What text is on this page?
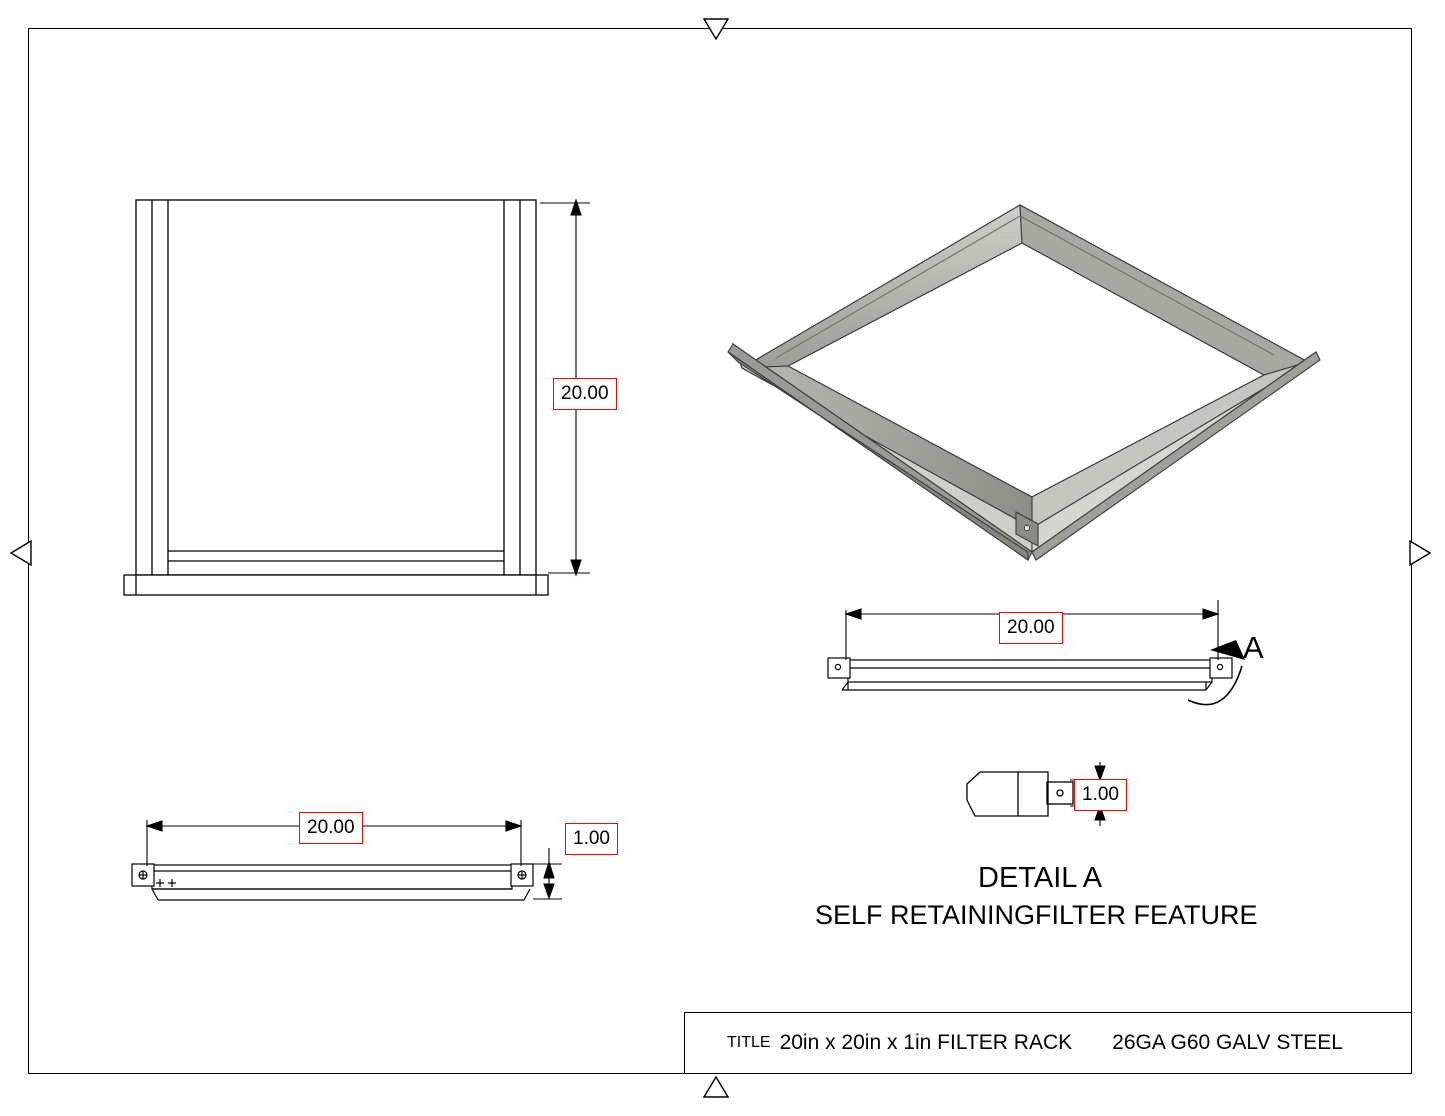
20.00
20.00
A
20.00
1.00
1.00
DETAIL A
SELF RETAININGFILTER FEATURE
TITLE 20in x 20in x 1in FILTER RACK 26GA G60 GALV STEEL
